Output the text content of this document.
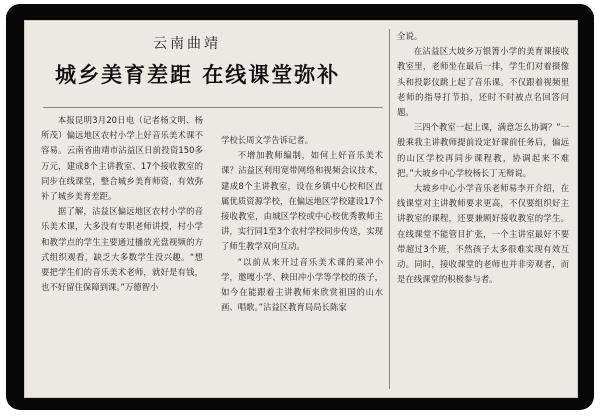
云南曲靖
城乡美育差距 在线课堂弥补

本报昆明3月20日电（记者杨文明、杨所茂）偏远地区农村小学上好音乐美术课不容易。云南省曲靖市沾益区日前投资150多万元，建成8个主讲教室、17个接收教室的同步在线课堂，整合城乡美育师资，有效弥补了城乡美育差距。

据了解，沾益区偏远地区农村小学的音乐美术课，大多没有专职老师讲授，村小学和教学点的学生主要通过播放光盘视频的方式组织观看，缺乏大多数学生没兴趣。“想要把学生们的音乐美术老师，就好是有钱，也不好留住保障到课。”万德智小

学校长周文学告诉记者。

不增加教师编制，如何上好音乐美术课？沾益区利用宽带网络和视频会议技术，建成8个主讲教室，设在乡镇中心校和区直属优质资源学校，在偏远地区学校建设17个接收教室，由城区学校或中心校优秀教师主讲，实行同1至3个农村学校同步传送，实现了师生教学双向互动。

“以前从来开过音乐美术课的菜冲小学，邀嘎小学、秧田冲小学等学校的孩子，如今在能跟着主讲教师来欣赏祖国的山水画、唱歌。”沾益区教育局局长陈家

全说。

在沾益区大坡乡万银箐小学的美育课接收教室里，老师坐在最后一排，学生们对着摄像头和投影仪跳上起了音乐课。不仅跟着视频里老师的指导打节拍，还时不时被点名回答问题。

三四个教室一起上课，满意怎么协调？”一般乘我主讲教师提前设定好课前任务后，偏远的山区学校再同步课程教，协调起来不难把。”大坡乡中心学校杨长丁无辩说。

大坡乡中心小学音乐老师易李开介绍，在线课堂对主讲教师要求更高，不仅要组织好主讲教室的课程，还要兼顾好接收教室的学生。在线课堂不能管目扩张，一个主讲室最好不要带超过3个班，不然孩子太多很难实现有效互动。同时，接收课堂的老师也并非旁观者，而是在线课堂的积极参与者。
